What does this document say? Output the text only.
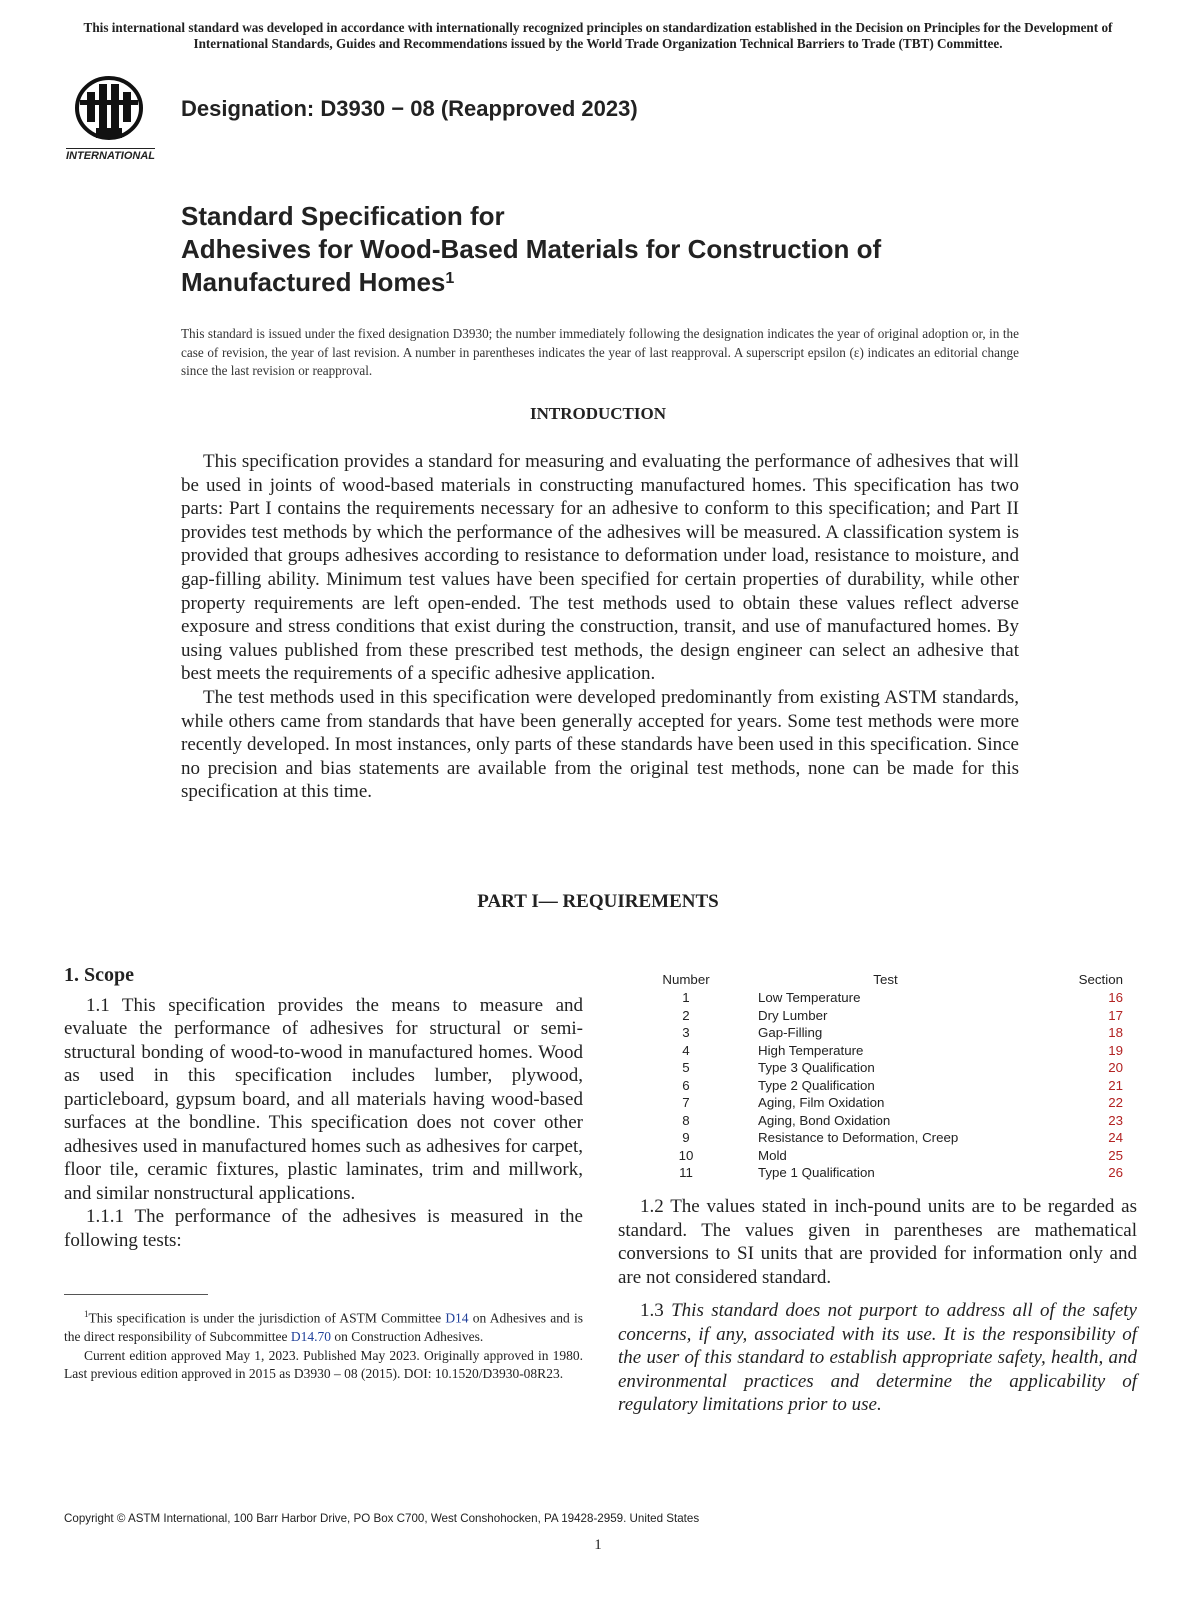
This international standard was developed in accordance with internationally recognized principles on standardization established in the Decision on Principles for the Development of International Standards, Guides and Recommendations issued by the World Trade Organization Technical Barriers to Trade (TBT) Committee.
INTERNATIONAL
Designation: D3930 − 08 (Reapproved 2023)
Standard Specification for
Adhesives for Wood-Based Materials for Construction of
Manufactured Homes$^1$
This standard is issued under the fixed designation D3930; the number immediately following the designation indicates the year of original adoption or, in the case of revision, the year of last revision. A number in parentheses indicates the year of last reapproval. A superscript epsilon (ε) indicates an editorial change since the last revision or reapproval.
INTRODUCTION

This specification provides a standard for measuring and evaluating the performance of adhesives that will be used in joints of wood-based materials in constructing manufactured homes. This specification has two parts: Part I contains the requirements necessary for an adhesive to conform to this specification; and Part II provides test methods by which the performance of the adhesives will be measured. A classification system is provided that groups adhesives according to resistance to deformation under load, resistance to moisture, and gap-filling ability. Minimum test values have been specified for certain properties of durability, while other property requirements are left open-ended. The test methods used to obtain these values reflect adverse exposure and stress conditions that exist during the construction, transit, and use of manufactured homes. By using values published from these prescribed test methods, the design engineer can select an adhesive that best meets the requirements of a specific adhesive application.

The test methods used in this specification were developed predominantly from existing ASTM standards, while others came from standards that have been generally accepted for years. Some test methods were more recently developed. In most instances, only parts of these standards have been used in this specification. Since no precision and bias statements are available from the original test methods, none can be made for this specification at this time.

PART I— REQUIREMENTS
1. Scope

1.1 This specification provides the means to measure and evaluate the performance of adhesives for structural or semi-structural bonding of wood-to-wood in manufactured homes. Wood as used in this specification includes lumber, plywood, particleboard, gypsum board, and all materials having wood-based surfaces at the bondline. This specification does not cover other adhesives used in manufactured homes such as adhesives for carpet, floor tile, ceramic fixtures, plastic laminates, trim and millwork, and similar nonstructural applications.

1.1.1 The performance of the adhesives is measured in the following tests:

Number	Test	Section
1	Low Temperature	16
2	Dry Lumber	17
3	Gap-Filling	18
4	High Temperature	19
5	Type 3 Qualification	20
6	Type 2 Qualification	21
7	Aging, Film Oxidation	22
8	Aging, Bond Oxidation	23
9	Resistance to Deformation, Creep	24
10	Mold	25
11	Type 1 Qualification	26

1.2 The values stated in inch-pound units are to be regarded as standard. The values given in parentheses are mathematical conversions to SI units that are provided for information only and are not considered standard.

1.3 This standard does not purport to address all of the safety concerns, if any, associated with its use. It is the responsibility of the user of this standard to establish appropriate safety, health, and environmental practices and determine the applicability of regulatory limitations prior to use.

$^1$This specification is under the jurisdiction of ASTM Committee D14 on Adhesives and is the direct responsibility of Subcommittee D14.70 on Construction Adhesives.

Current edition approved May 1, 2023. Published May 2023. Originally approved in 1980. Last previous edition approved in 2015 as D3930 – 08 (2015). DOI: 10.1520/D3930-08R23.

Copyright © ASTM International, 100 Barr Harbor Drive, PO Box C700, West Conshohocken, PA 19428-2959. United States
1
